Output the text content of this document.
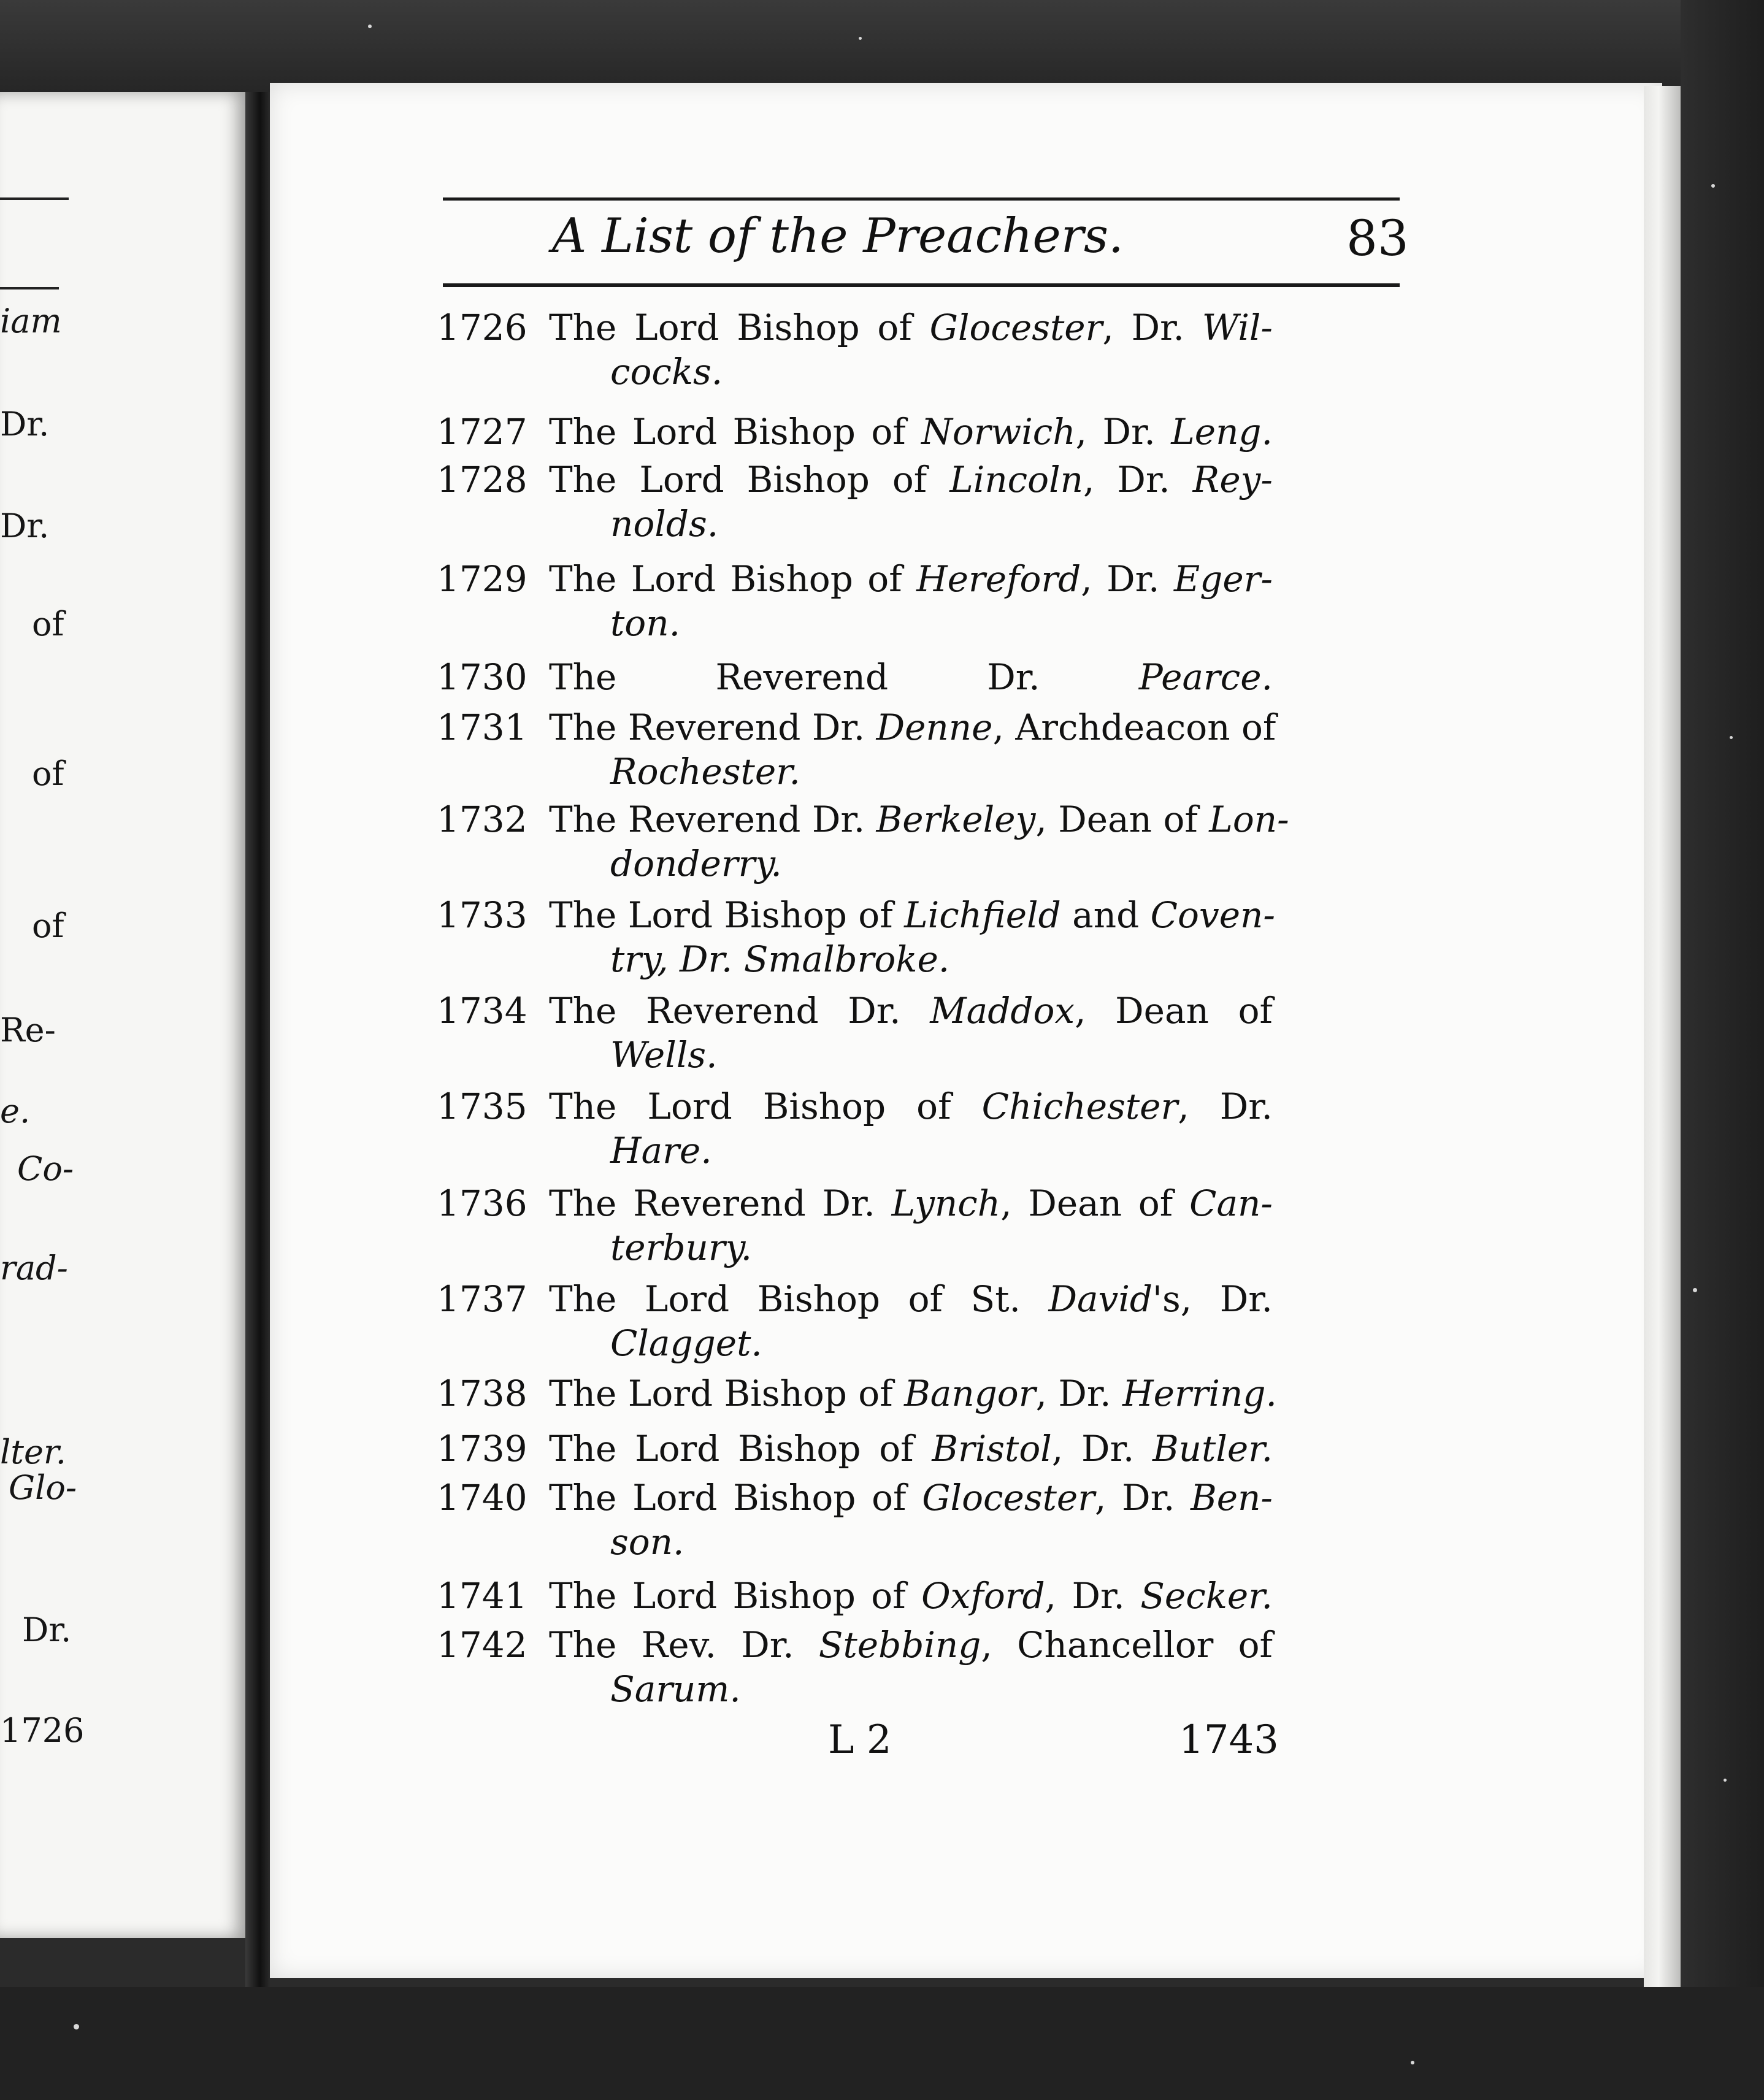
iam
Dr.
Dr.
of
of
of
Re-
e.
Co-
rad-
lter.
Glo-
Dr.
1726
A List of the Preachers.	83
1726 The Lord Bishop of Glocester, Dr. Wil-
cocks.
1727 The Lord Bishop of Norwich, Dr. Leng.
1728 The Lord Bishop of Lincoln, Dr. Rey-
nolds.
1729 The Lord Bishop of Hereford, Dr. Eger-
ton.
1730 The Reverend Dr. Pearce.
1731 The Reverend Dr. Denne, Archdeacon of
Rochester.
1732 The Reverend Dr. Berkeley, Dean of Lon-
donderry.
1733 The Lord Bishop of Lichfield and Coven-
try, Dr. Smalbroke.
1734 The Reverend Dr. Maddox, Dean of
Wells.
1735 The Lord Bishop of Chichester, Dr.
Hare.
1736 The Reverend Dr. Lynch, Dean of Can-
terbury.
1737 The Lord Bishop of St. David's, Dr.
Clagget.
1738 The Lord Bishop of Bangor, Dr. Herring.
1739 The Lord Bishop of Bristol, Dr. Butler.
1740 The Lord Bishop of Glocester, Dr. Ben-
son.
1741 The Lord Bishop of Oxford, Dr. Secker.
1742 The Rev. Dr. Stebbing, Chancellor of
Sarum.
L 2	1743
